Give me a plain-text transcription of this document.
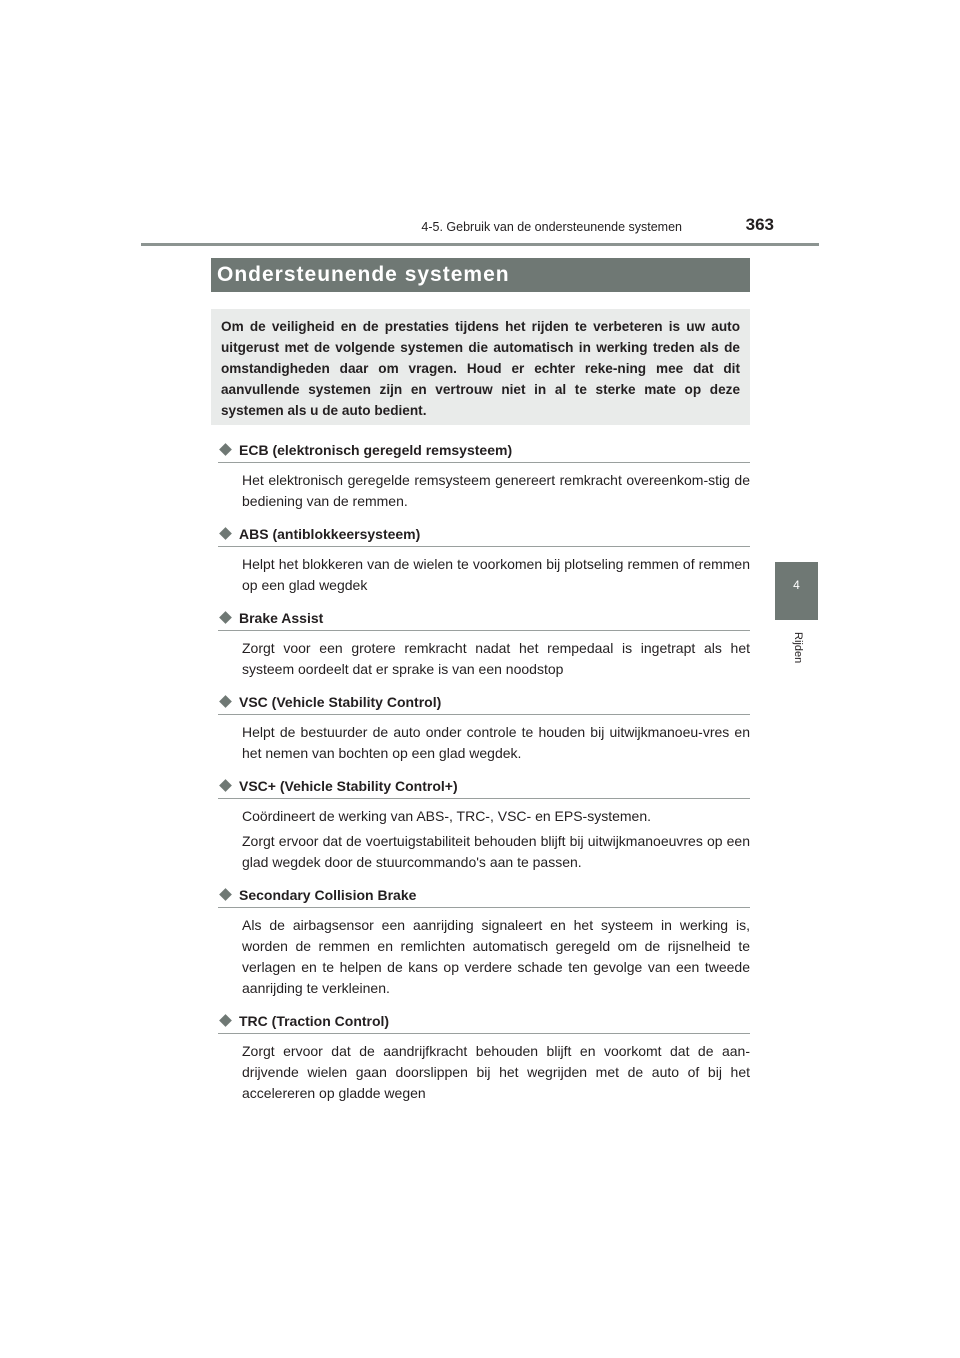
4-5. Gebruik van de ondersteunende systemen	363
4
Rijden
Ondersteunende systemen
Om de veiligheid en de prestaties tijdens het rijden te verbeteren is uw auto uitgerust met de volgende systemen die automatisch in werking treden als de omstandigheden daar om vragen. Houd er echter reke-ning mee dat dit aanvullende systemen zijn en vertrouw niet in al te sterke mate op deze systemen als u de auto bedient.
ECB (elektronisch geregeld remsysteem)

Het elektronisch geregelde remsysteem genereert remkracht overeenkom-stig de bediening van de remmen.

ABS (antiblokkeersysteem)

Helpt het blokkeren van de wielen te voorkomen bij plotseling remmen of remmen op een glad wegdek

Brake Assist

Zorgt voor een grotere remkracht nadat het rempedaal is ingetrapt als het systeem oordeelt dat er sprake is van een noodstop

VSC (Vehicle Stability Control)

Helpt de bestuurder de auto onder controle te houden bij uitwijkmanoeu-vres en het nemen van bochten op een glad wegdek.

VSC+ (Vehicle Stability Control+)

Coördineert de werking van ABS-, TRC-, VSC- en EPS-systemen.

Zorgt ervoor dat de voertuigstabiliteit behouden blijft bij uitwijkmanoeuvres op een glad wegdek door de stuurcommando's aan te passen.

Secondary Collision Brake

Als de airbagsensor een aanrijding signaleert en het systeem in werking is, worden de remmen en remlichten automatisch geregeld om de rijsnelheid te verlagen en te helpen de kans op verdere schade ten gevolge van een tweede aanrijding te verkleinen.

TRC (Traction Control)

Zorgt ervoor dat de aandrijfkracht behouden blijft en voorkomt dat de aan-drijvende wielen gaan doorslippen bij het wegrijden met de auto of bij het accelereren op gladde wegen
